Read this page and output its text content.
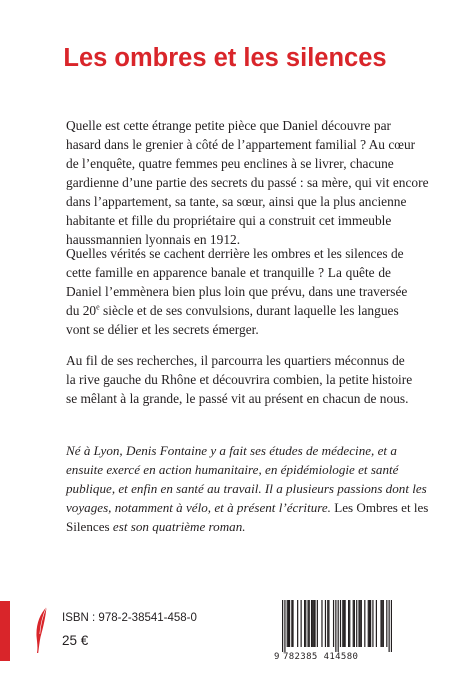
Les ombres et les silences
Quelle est cette étrange petite pièce que Daniel découvre par
hasard dans le grenier à côté de l’appartement familial ? Au cœur
de l’enquête, quatre femmes peu enclines à se livrer, chacune
gardienne d’une partie des secrets du passé : sa mère, qui vit encore
dans l’appartement, sa tante, sa sœur, ainsi que la plus ancienne
habitante et fille du propriétaire qui a construit cet immeuble
haussmannien lyonnais en 1912.
Quelles vérités se cachent derrière les ombres et les silences de
cette famille en apparence banale et tranquille ? La quête de
Daniel l’emmènera bien plus loin que prévu, dans une traversée
du 20e siècle et de ses convulsions, durant laquelle les langues
vont se délier et les secrets émerger.
Au fil de ses recherches, il parcourra les quartiers méconnus de
la rive gauche du Rhône et découvrira combien, la petite histoire
se mêlant à la grande, le passé vit au présent en chacun de nous.
Né à Lyon, Denis Fontaine y a fait ses études de médecine, et a
ensuite exercé en action humanitaire, en épidémiologie et santé
publique, et enfin en santé au travail. Il a plusieurs passions dont les
voyages, notamment à vélo, et à présent l’écriture. Les Ombres et les
Silences est son quatrième roman.
ISBN : 978-2-38541-458-0
25 €
9 782385 414580
